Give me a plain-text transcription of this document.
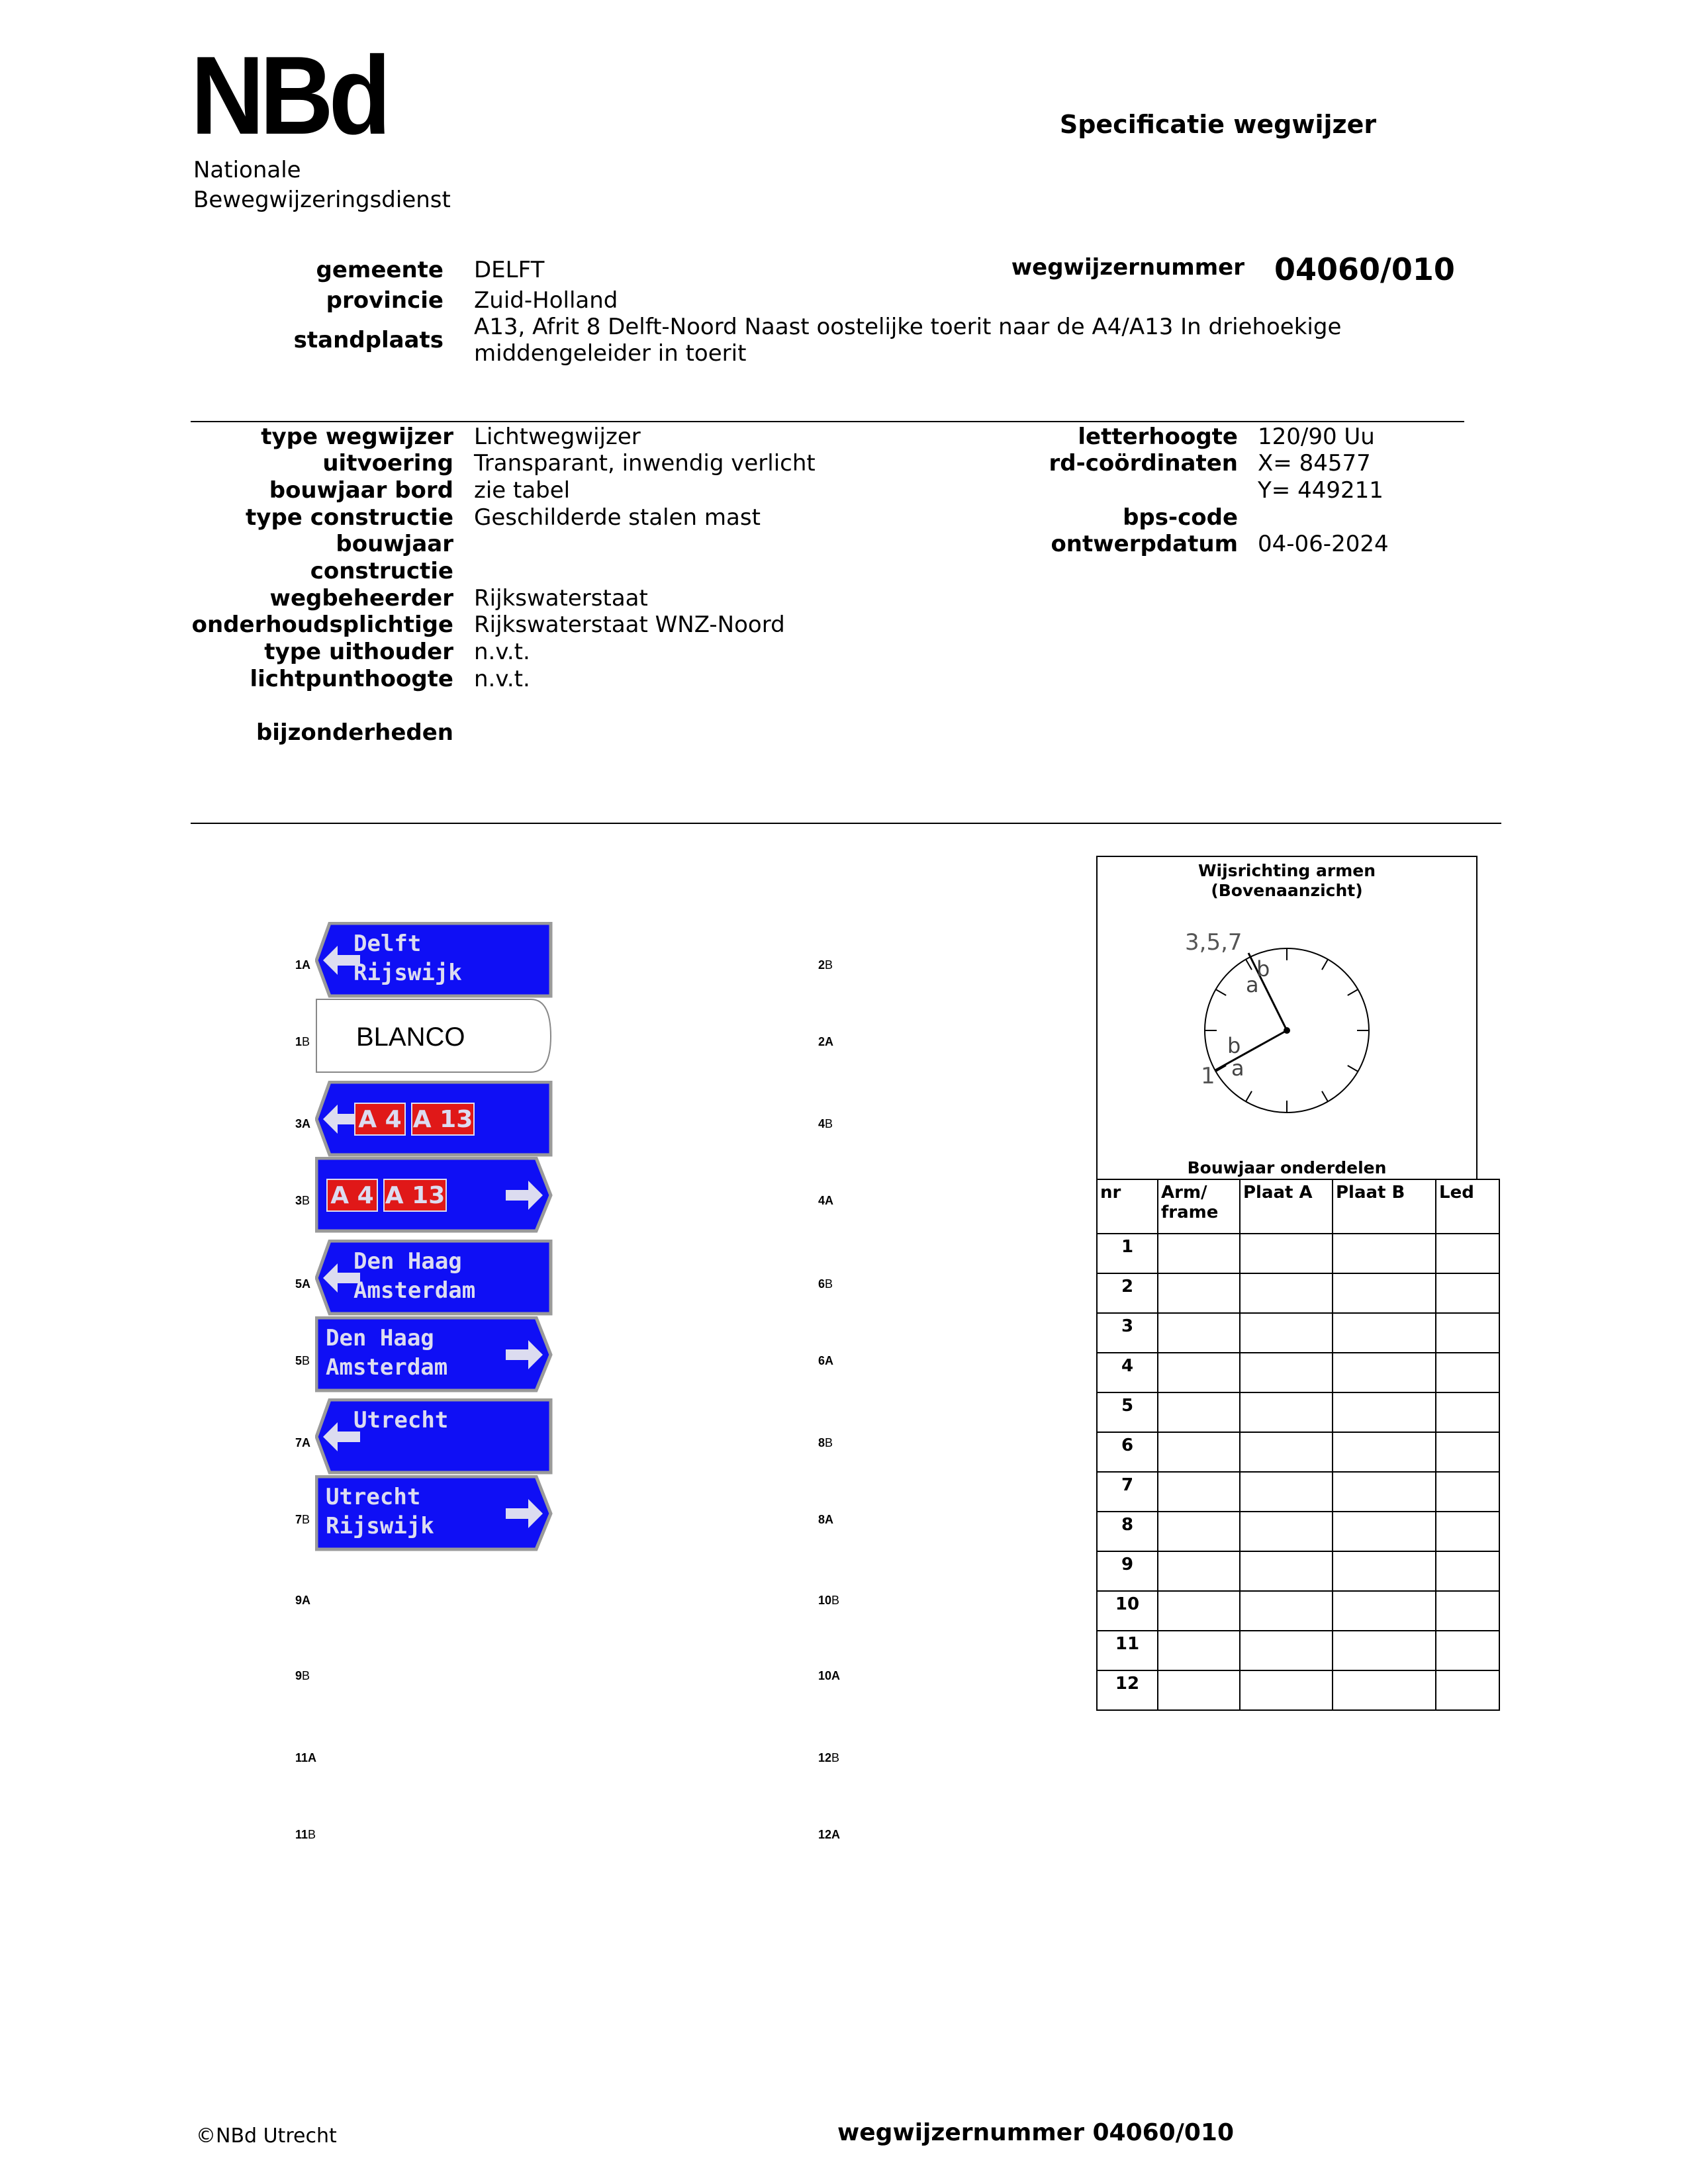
NBd
Nationale
Bewegwijzeringsdienst
Specificatie wegwijzer
gemeente DELFT
provincie Zuid-Holland
standplaats A13, Afrit 8 Delft-Noord Naast oostelijke toerit naar de A4/A13 In driehoekige middengeleider in toerit
wegwijzernummer 04060/010
type wegwijzer Lichtwegwijzer
uitvoering Transparant, inwendig verlicht
bouwjaar bord zie tabel
type constructie Geschilderde stalen mast
bouwjaar
constructie
wegbeheerder Rijkswaterstaat
onderhoudsplichtige Rijkswaterstaat WNZ-Noord
type uithouder n.v.t.
lichtpunthoogte n.v.t.
bijzonderheden
letterhoogte 120/90 Uu
rd-coördinaten X= 84577
Y= 449211
bps-code
ontwerpdatum 04-06-2024
1A
1B
3A
3B
5A
5B
7A
7B
9A
9B
11A
11B
2B
2A
4B
4A
6B
6A
8B
8A
10B
10A
12B
12A
Delft
Rijswijk
BLANCO
A 4 A 13
A 4 A 13
Den Haag
Amsterdam
Den Haag
Amsterdam
Utrecht
Utrecht
Rijswijk
Wijsrichting armen
(Bovenaanzicht)
3,5,7
1
b
a
b
a
Bouwjaar onderdelen
nr	Arm/ frame	Plaat A	Plaat B	Led
1				
2				
3				
4				
5				
6				
7				
8				
9				
10				
11				
12				
©NBd Utrecht	wegwijzernummer 04060/010
